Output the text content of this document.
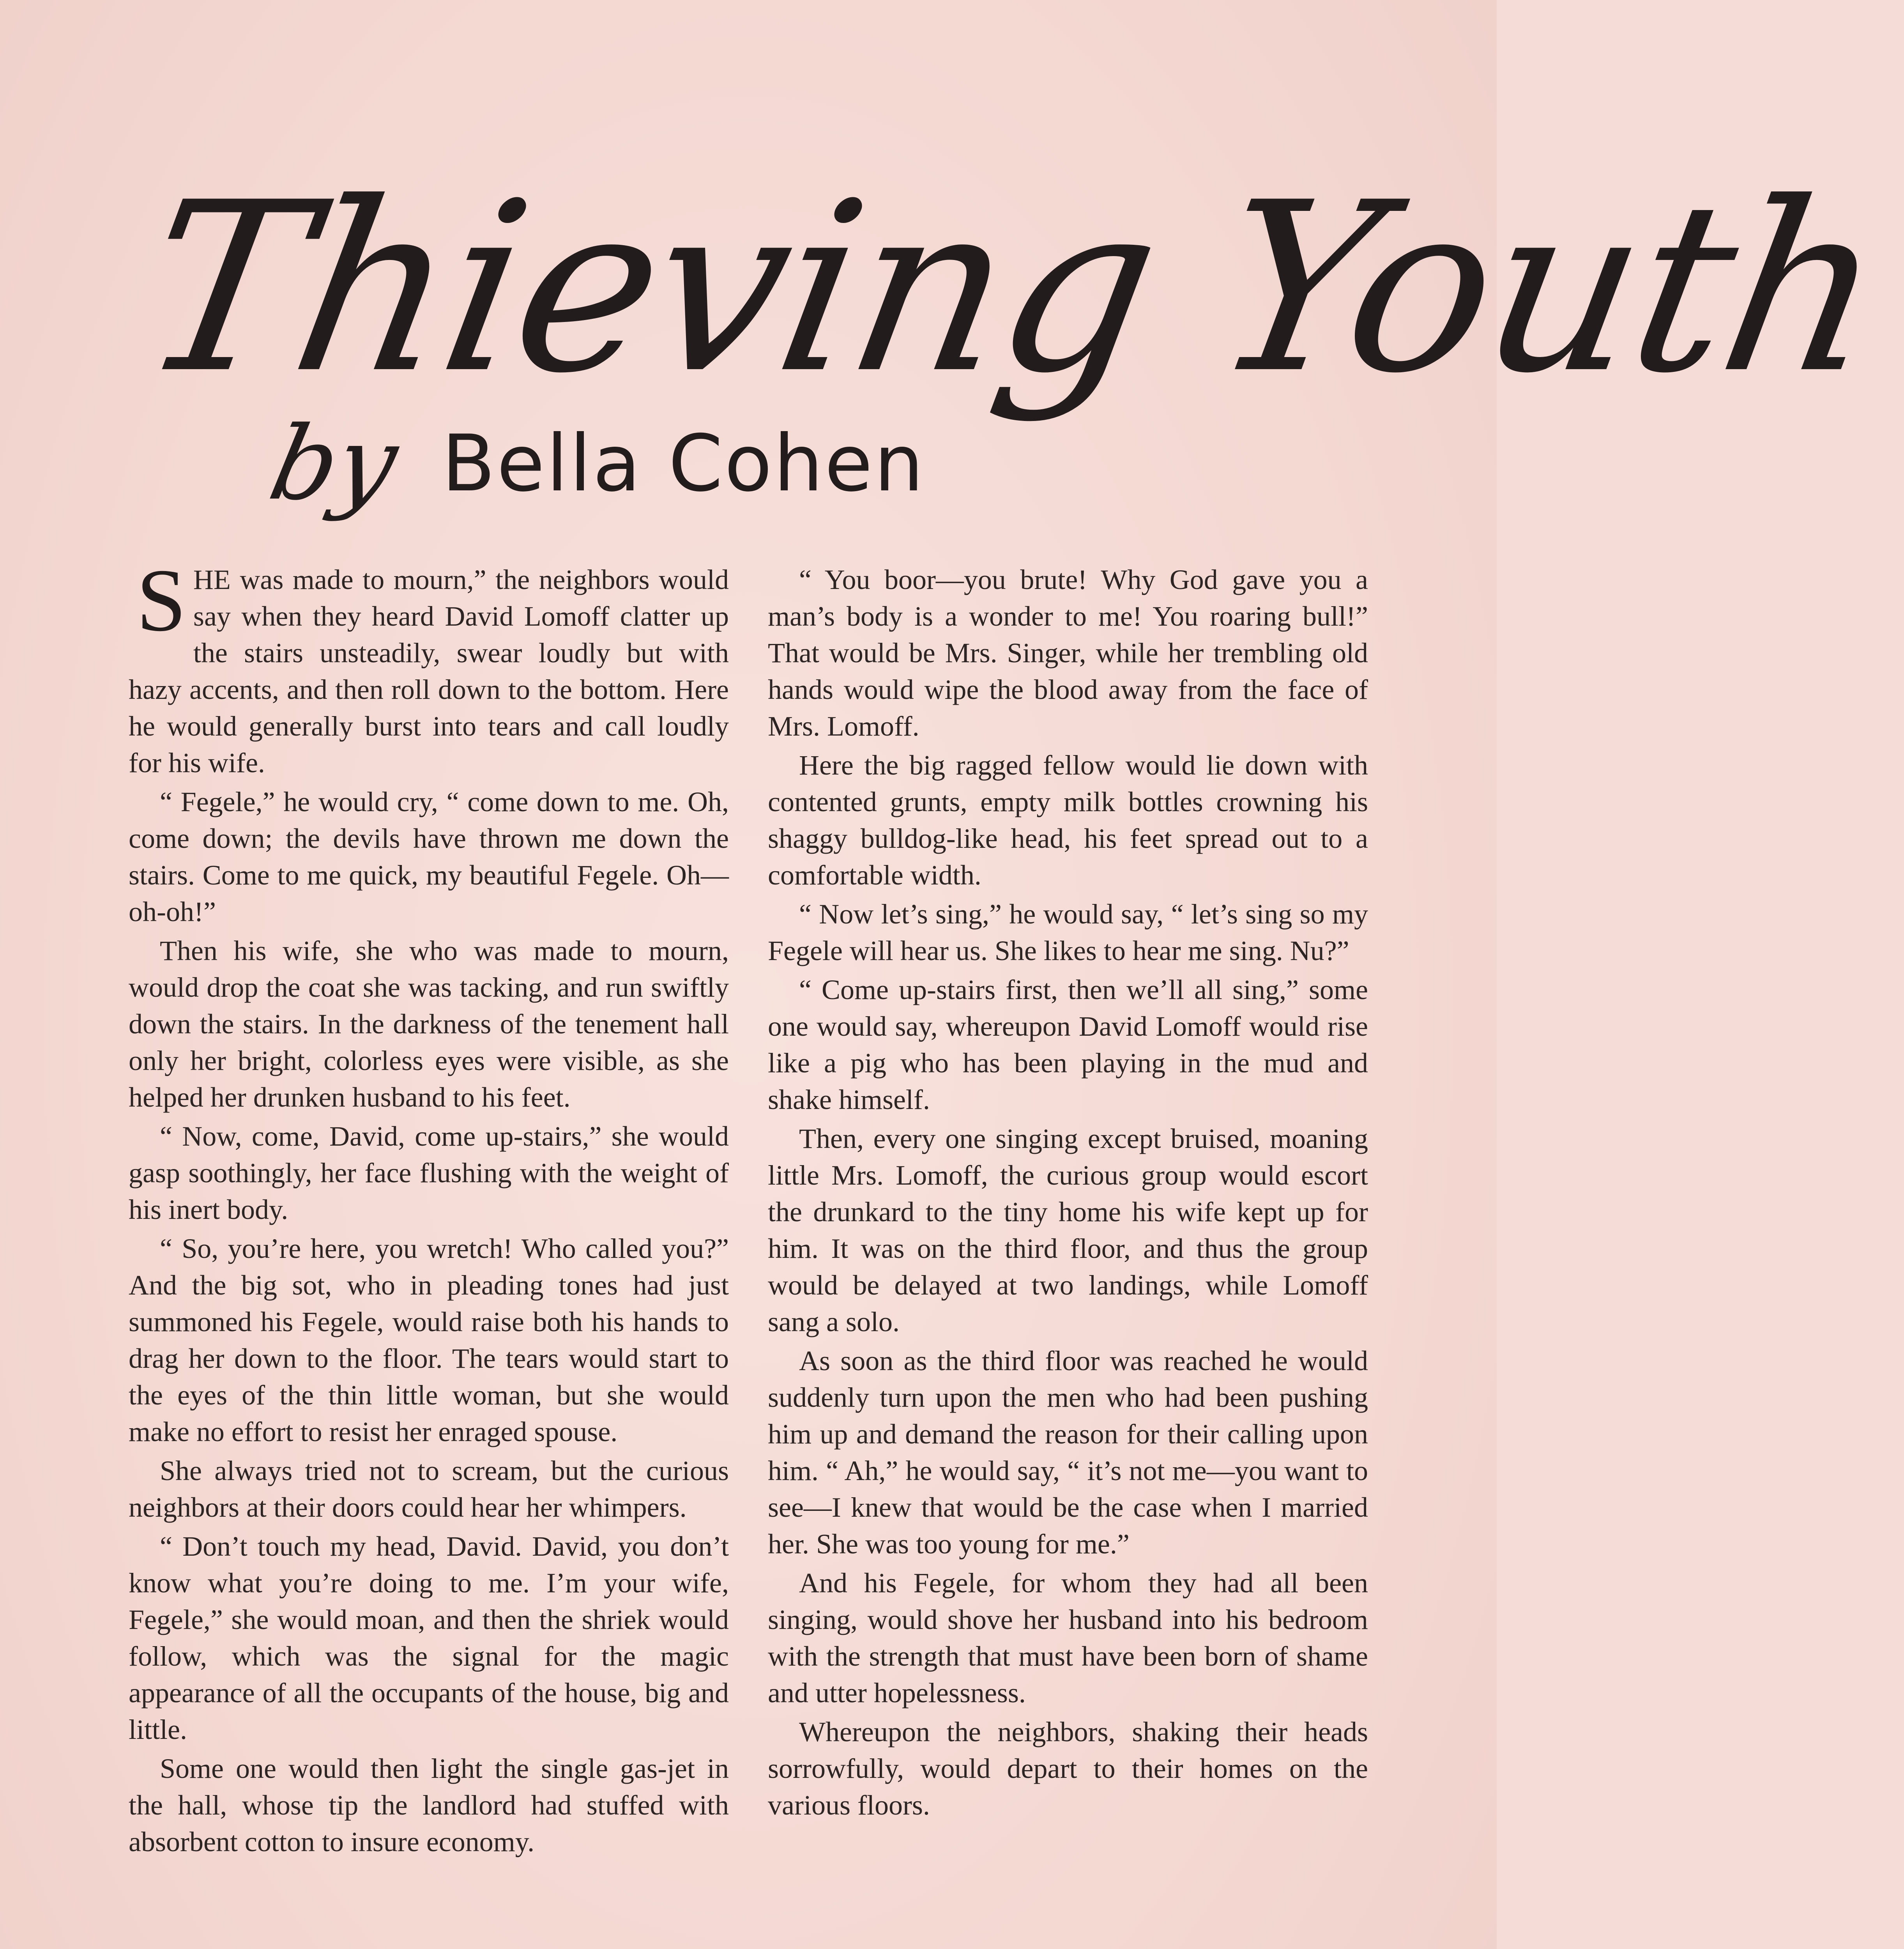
Thieving Youth
by Bella Cohen

SHE was made to mourn,” the neighbors would say when they heard David Lomoff clatter up the stairs unsteadily, swear loudly but with hazy accents, and then roll down to the bottom. Here he would generally burst into tears and call loudly for his wife.

“ Fegele,” he would cry, “ come down to me. Oh, come down; the devils have thrown me down the stairs. Come to me quick, my beautiful Fegele. Oh—oh-oh!”

Then his wife, she who was made to mourn, would drop the coat she was tacking, and run swiftly down the stairs. In the darkness of the tenement hall only her bright, colorless eyes were visible, as she helped her drunken husband to his feet.

“ Now, come, David, come up-stairs,” she would gasp soothingly, her face flushing with the weight of his inert body.

“ So, you’re here, you wretch! Who called you?” And the big sot, who in pleading tones had just summoned his Fegele, would raise both his hands to drag her down to the floor. The tears would start to the eyes of the thin little woman, but she would make no effort to resist her enraged spouse.

She always tried not to scream, but the curious neighbors at their doors could hear her whimpers.

“ Don’t touch my head, David. David, you don’t know what you’re doing to me. I’m your wife, Fegele,” she would moan, and then the shriek would follow, which was the signal for the magic appearance of all the occupants of the house, big and little.

Some one would then light the single gas-jet in the hall, whose tip the landlord had stuffed with absorbent cotton to insure economy.

“ You boor—you brute! Why God gave you a man’s body is a wonder to me! You roaring bull!” That would be Mrs. Singer, while her trembling old hands would wipe the blood away from the face of Mrs. Lomoff.

Here the big ragged fellow would lie down with contented grunts, empty milk bottles crowning his shaggy bulldog-like head, his feet spread out to a comfortable width.

“ Now let’s sing,” he would say, “ let’s sing so my Fegele will hear us. She likes to hear me sing. Nu?”

“ Come up-stairs first, then we’ll all sing,” some one would say, whereupon David Lomoff would rise like a pig who has been playing in the mud and shake himself.

Then, every one singing except bruised, moaning little Mrs. Lomoff, the curious group would escort the drunkard to the tiny home his wife kept up for him. It was on the third floor, and thus the group would be delayed at two landings, while Lomoff sang a solo.

As soon as the third floor was reached he would suddenly turn upon the men who had been pushing him up and demand the reason for their calling upon him. “ Ah,” he would say, “ it’s not me—you want to see—I knew that would be the case when I married her. She was too young for me.”

And his Fegele, for whom they had all been singing, would shove her husband into his bedroom with the strength that must have been born of shame and utter hopelessness.

Whereupon the neighbors, shaking their heads sorrowfully, would depart to their homes on the various floors.
